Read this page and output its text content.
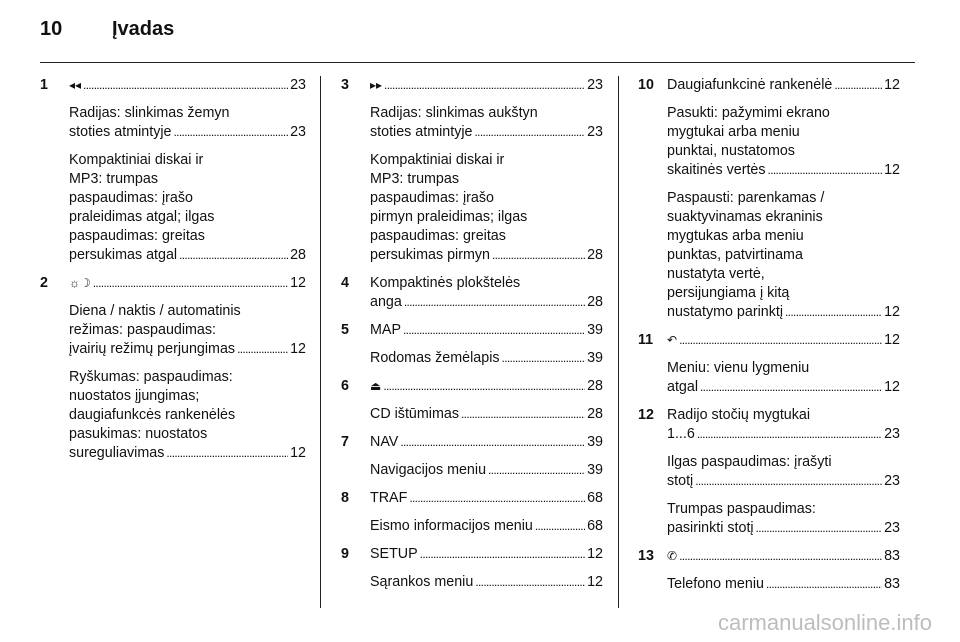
10	Įvadas
1 ◂◂ . . .	23
Radijas: slinkimas žemyn
stoties atmintyje . . .	23
Kompaktiniai diskai ir
MP3: trumpas
paspaudimas: įrašo
praleidimas atgal; ilgas
paspaudimas: greitas
persukimas atgal . . .	28
2 ☼☽ . . .	12
Diena / naktis / automatinis
režimas: paspaudimas:
įvairių režimų perjungimas . . .	12
Ryškumas: paspaudimas:
nuostatos įjungimas;
daugiafunkcės rankenėlės
pasukimas: nuostatos
sureguliavimas . . .	12
3 ▸▸ . . .	23
Radijas: slinkimas aukštyn
stoties atmintyje . . .	23
Kompaktiniai diskai ir
MP3: trumpas
paspaudimas: įrašo
pirmyn praleidimas; ilgas
paspaudimas: greitas
persukimas pirmyn . . .	28
4 Kompaktinės plokštelės
anga . . .	28
5 MAP . . .	39
Rodomas žemėlapis . . .	39
6 ⏏ . . .	28
CD ištūmimas . . .	28
7 NAV . . .	39
Navigacijos meniu . . .	39
8 TRAF . . .	68
Eismo informacijos meniu . . .	68
9 SETUP . . .	12
Sąrankos meniu . . .	12
10 Daugiafunkcinė rankenėlė . . .	12
Pasukti: pažymimi ekrano
mygtukai arba meniu
punktai, nustatomos
skaitinės vertės . . .	12
Paspausti: parenkamas /
suaktyvinamas ekraninis
mygtukas arba meniu
punktas, patvirtinama
nustatyta vertė,
persijungiama į kitą
nustatymo parinktį . . .	12
11 ↶ . . .	12
Meniu: vienu lygmeniu
atgal . . .	12
12 Radijo stočių mygtukai
1...6 . . .	23
Ilgas paspaudimas: įrašyti
stotį . . .	23
Trumpas paspaudimas:
pasirinkti stotį . . .	23
13 ✆ . . .	83
Telefono meniu . . .	83
carmanualsonline.info
